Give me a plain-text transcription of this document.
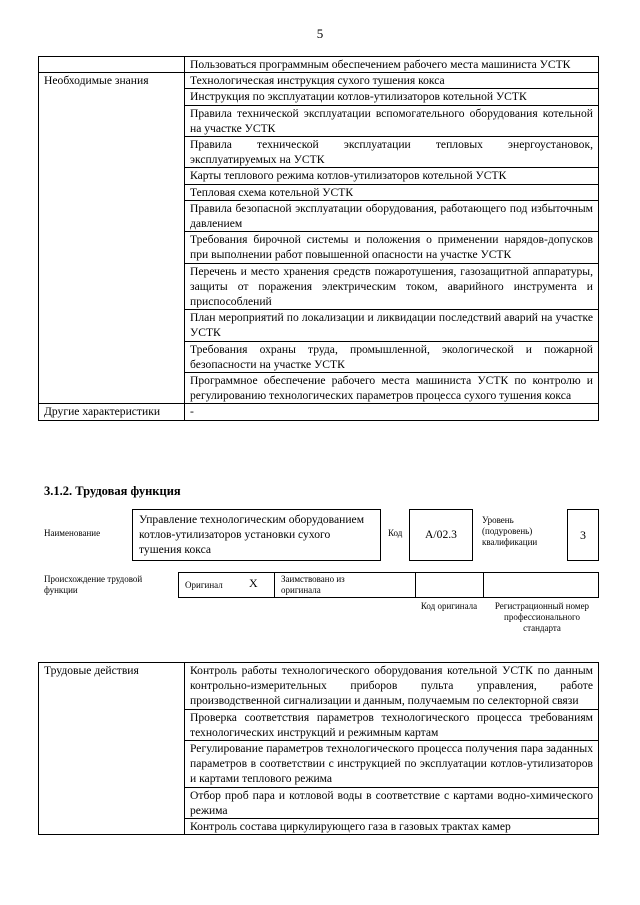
5
	Пользоваться программным обеспечением рабочего места машиниста УСТК
Необходимые знания	Технологическая инструкция сухого тушения кокса
	Инструкция по эксплуатации котлов-утилизаторов котельной УСТК
	Правила технической эксплуатации вспомогательного оборудования котельной на участке УСТК
	Правила технической эксплуатации тепловых энергоустановок, эксплуатируемых на УСТК
	Карты теплового режима котлов-утилизаторов котельной УСТК
	Тепловая схема котельной УСТК
	Правила безопасной эксплуатации оборудования, работающего под избыточным давлением
	Требования бирочной системы и положения о применении нарядов-допусков при выполнении работ повышенной опасности на участке УСТК
	Перечень и место хранения средств пожаротушения, газозащитной аппаратуры, защиты от поражения электрическим током, аварийного инструмента и приспособлений
	План мероприятий по локализации и ликвидации последствий аварий на участке УСТК
	Требования охраны труда, промышленной, экологической и пожарной безопасности на участке УСТК
	Программное обеспечение рабочего места машиниста УСТК по контролю и регулированию технологических параметров процесса сухого тушения кокса
Другие характеристики	-
3.1.2. Трудовая функция
Наименование
Управление технологическим оборудованием котлов-утилизаторов установки сухого тушения кокса
Код	A/02.3
Уровень (подуровень) квалификации	3
Происхождение трудовой функции	Оригинал X	Заимствовано из оригинала
Код оригинала	Регистрационный номер профессионального стандарта
Трудовые действия	Контроль работы технологического оборудования котельной УСТК по данным контрольно-измерительных приборов пульта управления, работе производственной сигнализации и данным, получаемым по селекторной связи
Проверка соответствия параметров технологического процесса требованиям технологических инструкций и режимным картам
Регулирование параметров технологического процесса получения пара заданных параметров в соответствии с инструкцией по эксплуатации котлов-утилизаторов и картами теплового режима
Отбор проб пара и котловой воды в соответствие с картами водно-химического режима
Контроль состава циркулирующего газа в газовых трактах камер
